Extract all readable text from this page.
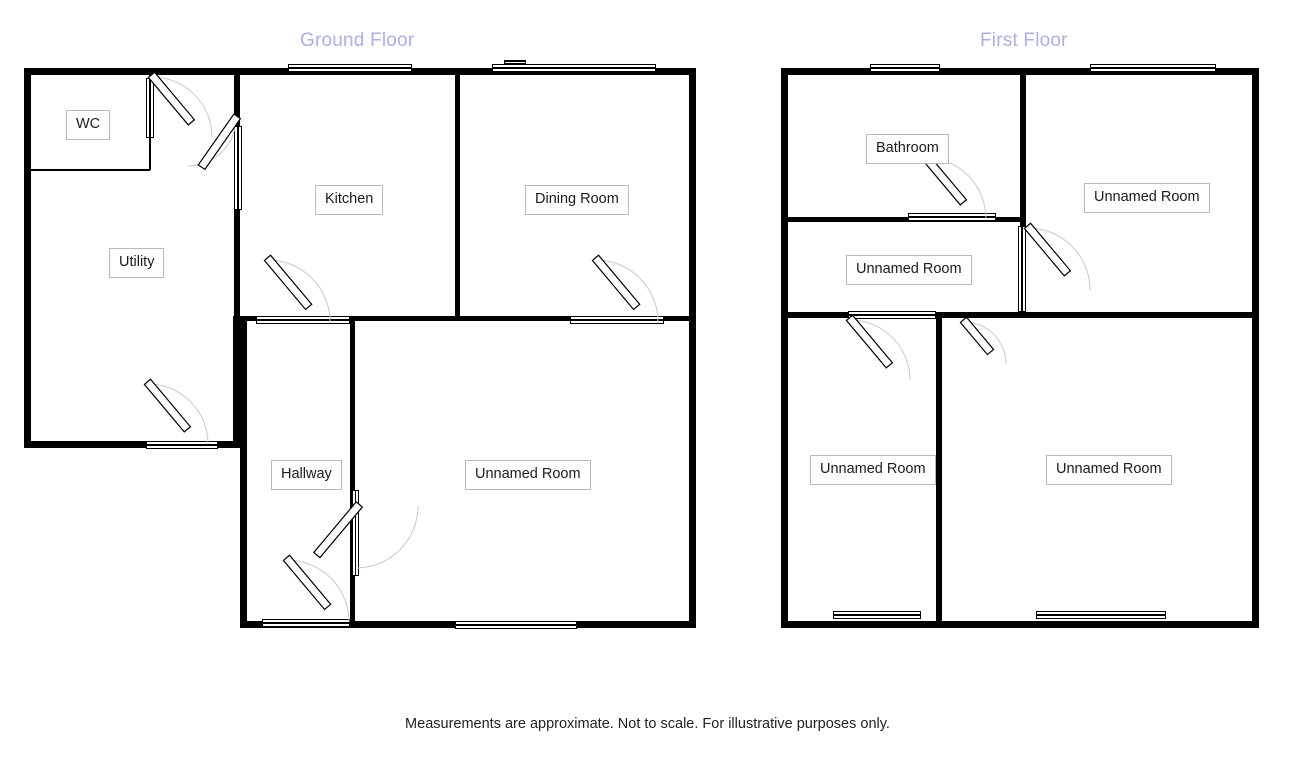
Ground Floor	First Floor
WC
Utility
Kitchen	Dining Room
Hallway	Unnamed Room
Bathroom
Unnamed Room
Unnamed Room
Unnamed Room	Unnamed Room
Measurements are approximate. Not to scale. For illustrative purposes only.
